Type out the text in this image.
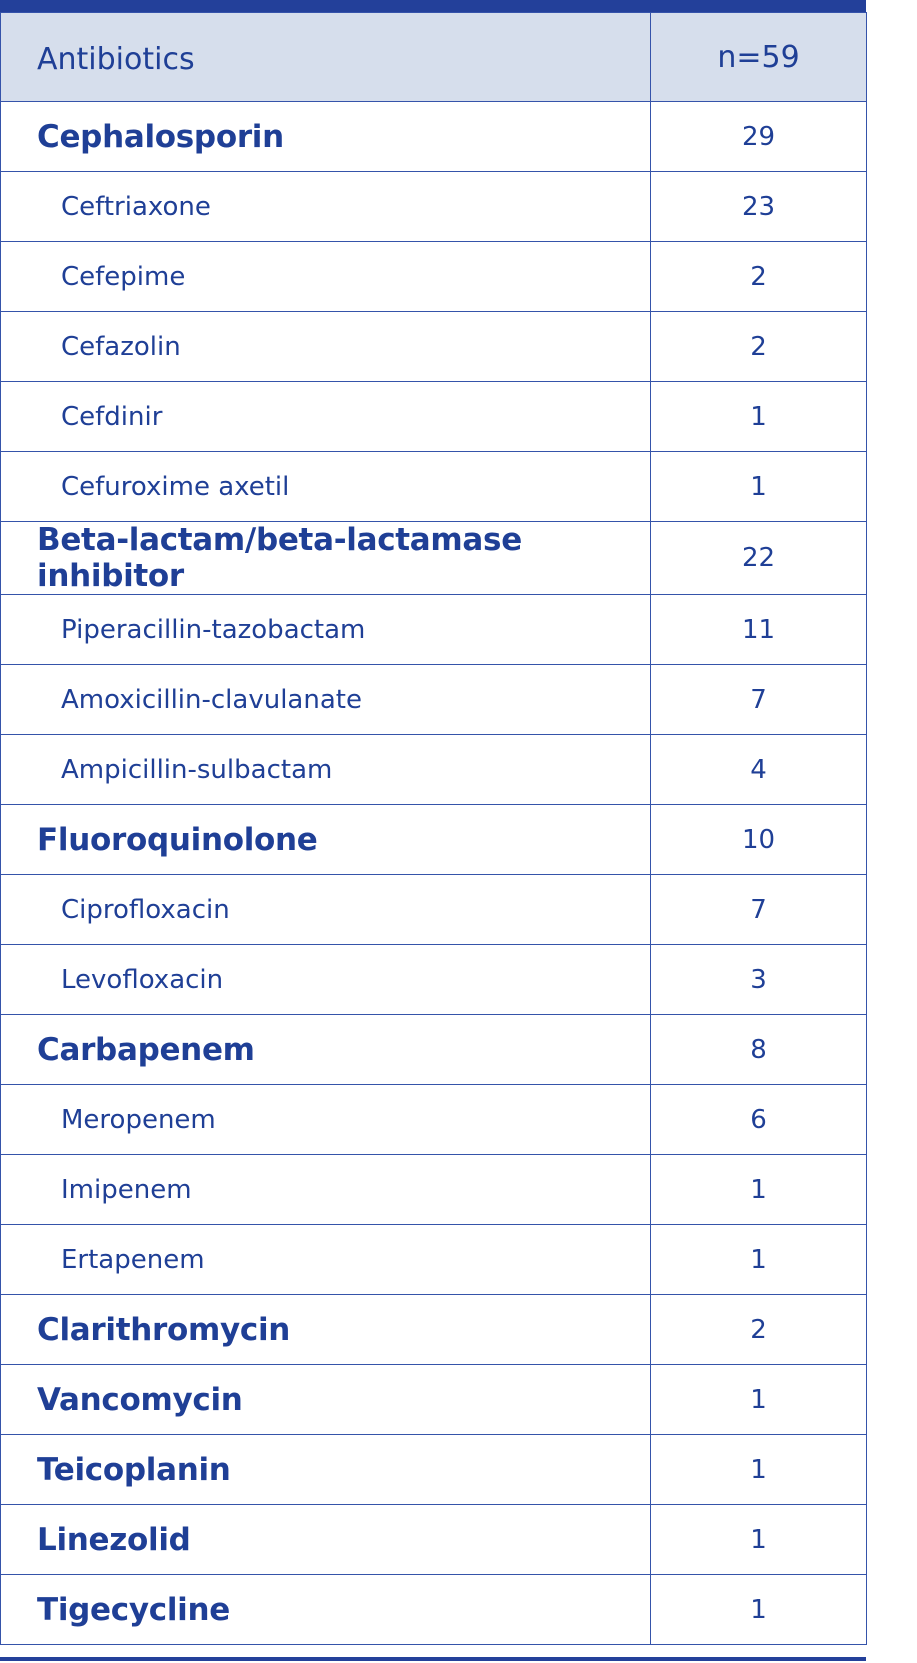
Antibiotics	n=59
Cephalosporin	29
Ceftriaxone	23
Cefepime	2
Cefazolin	2
Cefdinir	1
Cefuroxime axetil	1
Beta-lactam/beta-lactamase inhibitor	22
Piperacillin-tazobactam	11
Amoxicillin-clavulanate	7
Ampicillin-sulbactam	4
Fluoroquinolone	10
Ciprofloxacin	7
Levofloxacin	3
Carbapenem	8
Meropenem	6
Imipenem	1
Ertapenem	1
Clarithromycin	2
Vancomycin	1
Teicoplanin	1
Linezolid	1
Tigecycline	1
